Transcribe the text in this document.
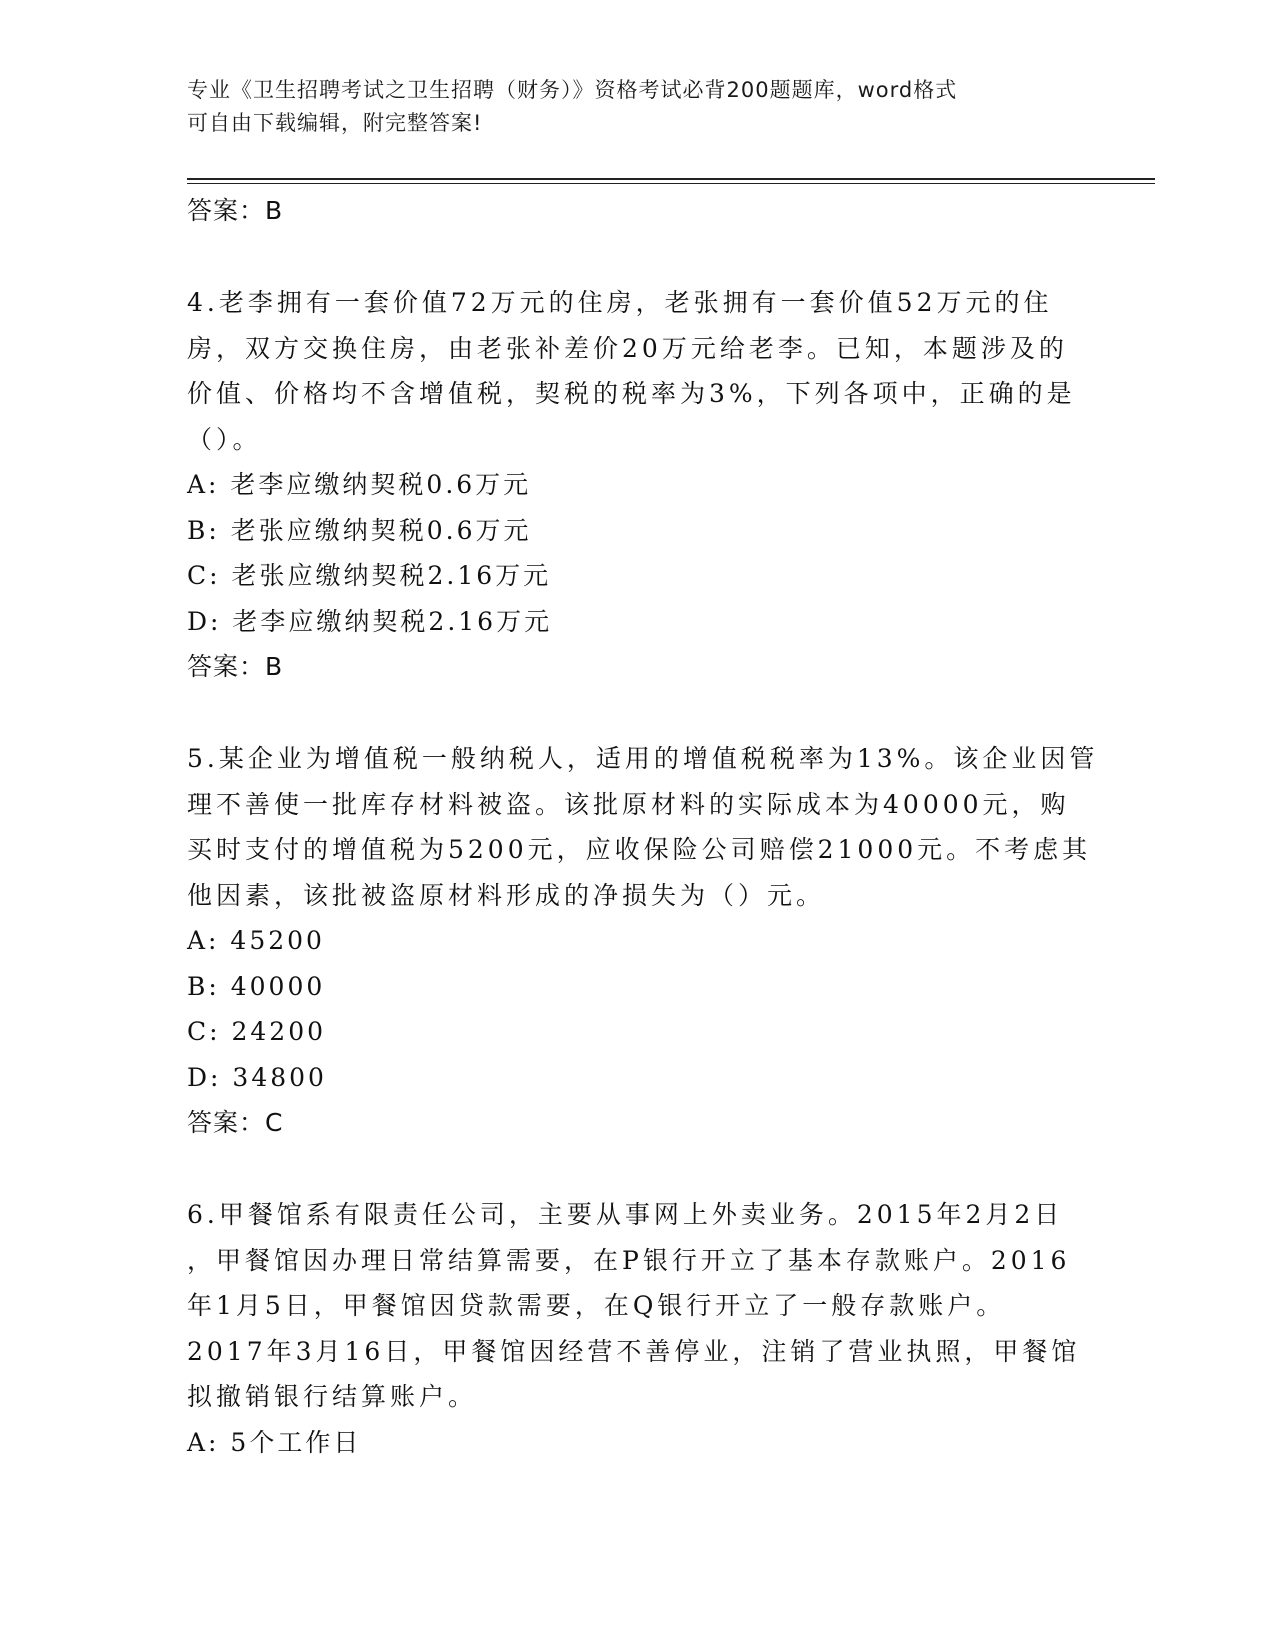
专业《卫生招聘考试之卫生招聘（财务）》资格考试必背200题题库，word格式
可自由下载编辑，附完整答案!
答案：B
4.老李拥有一套价值72万元的住房，老张拥有一套价值52万元的住
房，双方交换住房，由老张补差价20万元给老李。已知，本题涉及的
价值、价格均不含增值税，契税的税率为3%，下列各项中，正确的是
（）。
A: 老李应缴纳契税0.6万元
B: 老张应缴纳契税0.6万元
C: 老张应缴纳契税2.16万元
D: 老李应缴纳契税2.16万元
答案：B
5.某企业为增值税一般纳税人，适用的增值税税率为13%。该企业因管
理不善使一批库存材料被盗。该批原材料的实际成本为40000元，购
买时支付的增值税为5200元，应收保险公司赔偿21000元。不考虑其
他因素，该批被盗原材料形成的净损失为（）元。
A: 45200
B: 40000
C: 24200
D: 34800
答案：C
6.甲餐馆系有限责任公司，主要从事网上外卖业务。2015年2月2日
，甲餐馆因办理日常结算需要，在P银行开立了基本存款账户。2016
年1月5日，甲餐馆因贷款需要，在Q银行开立了一般存款账户。
2017年3月16日，甲餐馆因经营不善停业，注销了营业执照，甲餐馆
拟撤销银行结算账户。
A: 5个工作日
